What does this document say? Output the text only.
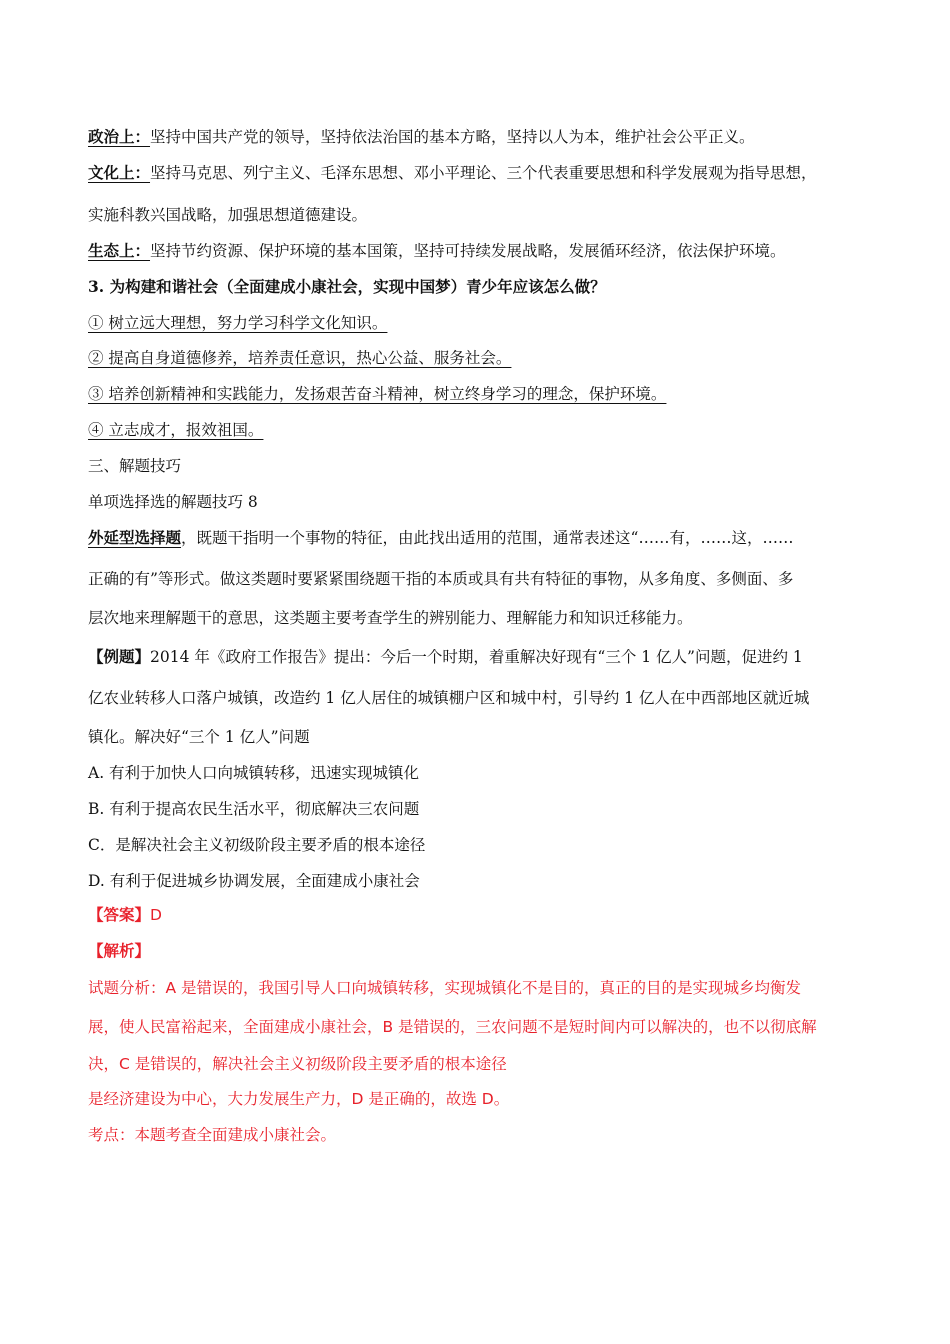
政治上：坚持中国共产党的领导，坚持依法治国的基本方略，坚持以人为本，维护社会公平正义。
文化上：坚持马克思、列宁主义、毛泽东思想、邓小平理论、三个代表重要思想和科学发展观为指导思想，
实施科教兴国战略，加强思想道德建设。
生态上：坚持节约资源、保护环境的基本国策，坚持可持续发展战略，发展循环经济，依法保护环境。
3. 为构建和谐社会（全面建成小康社会，实现中国梦）青少年应该怎么做？
① 树立远大理想，努力学习科学文化知识。
② 提高自身道德修养，培养责任意识，热心公益、服务社会。
③ 培养创新精神和实践能力，发扬艰苦奋斗精神，树立终身学习的理念，保护环境。
④ 立志成才，报效祖国。
三、解题技巧
单项选择选的解题技巧 8
外延型选择题，既题干指明一个事物的特征，由此找出适用的范围，通常表述这“……有，……这，……
正确的有”等形式。做这类题时要紧紧围绕题干指的本质或具有共有特征的事物，从多角度、多侧面、多
层次地来理解题干的意思，这类题主要考查学生的辨别能力、理解能力和知识迁移能力。
【例题】2014 年《政府工作报告》提出：今后一个时期，着重解决好现有“三个 1 亿人”问题，促进约 1
亿农业转移人口落户城镇，改造约 1 亿人居住的城镇棚户区和城中村，引导约 1 亿人在中西部地区就近城
镇化。解决好“三个 1 亿人”问题
A. 有利于加快人口向城镇转移，迅速实现城镇化
B. 有利于提高农民生活水平，彻底解决三农问题
C．是解决社会主义初级阶段主要矛盾的根本途径
D. 有利于促进城乡协调发展，全面建成小康社会
【答案】D
【解析】
试题分析：A 是错误的，我国引导人口向城镇转移，实现城镇化不是目的，真正的目的是实现城乡均衡发
展，使人民富裕起来，全面建成小康社会，B 是错误的，三农问题不是短时间内可以解决的，也不以彻底解
决，C 是错误的，解决社会主义初级阶段主要矛盾的根本途径
是经济建设为中心，大力发展生产力，D 是正确的，故选 D。
考点：本题考查全面建成小康社会。
